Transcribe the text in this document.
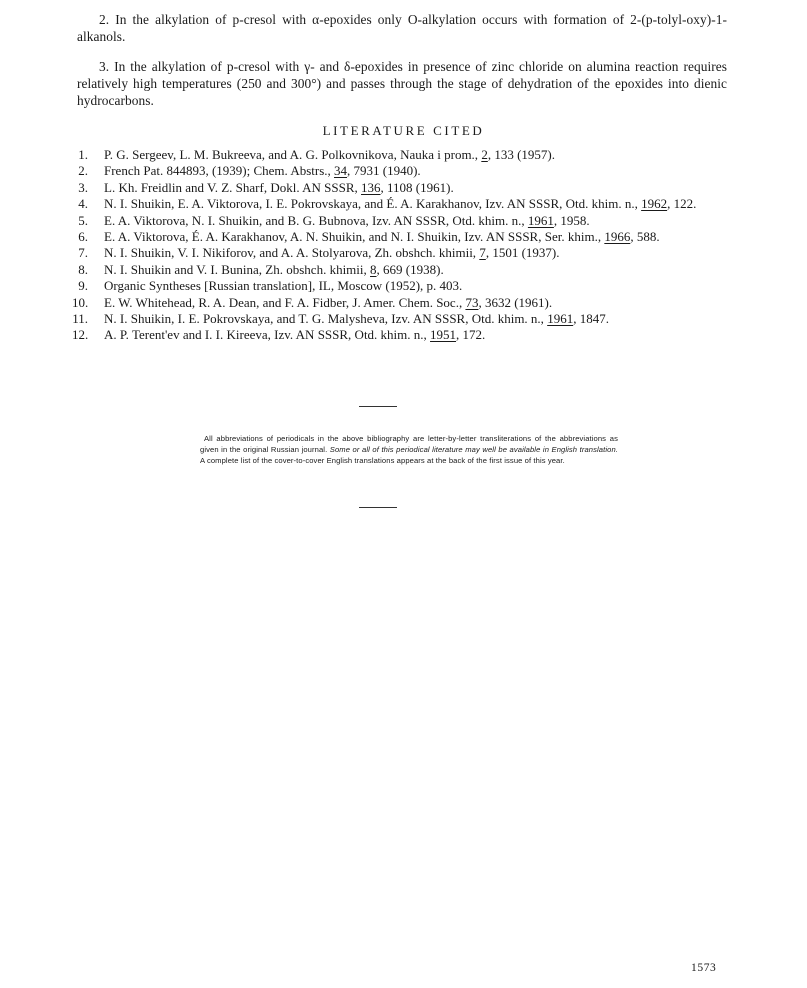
2. In the alkylation of p-cresol with α-epoxides only O-alkylation occurs with formation of 2-(p-tolyl-oxy)-1-alkanols.

3. In the alkylation of p-cresol with γ- and δ-epoxides in presence of zinc chloride on alumina reaction requires relatively high temperatures (250 and 300°) and passes through the stage of dehydration of the epoxides into dienic hydrocarbons.

LITERATURE CITED
1 . P. G. Sergeev, L. M. Bukreeva, and A. G. Polkovnikova, Nauka i prom., 2, 133 (1957).
2 . French Pat. 844893, (1939); Chem. Abstrs., 34, 7931 (1940).
3 . L. Kh. Freidlin and V. Z. Sharf, Dokl. AN SSSR, 136, 1108 (1961).
4 . N. I. Shuikin, E. A. Viktorova, I. E. Pokrovskaya, and É. A. Karakhanov, Izv. AN SSSR, Otd. khim. n., 1962, 122.
5 . E. A. Viktorova, N. I. Shuikin, and B. G. Bubnova, Izv. AN SSSR, Otd. khim. n., 1961, 1958.
6 . E. A. Viktorova, É. A. Karakhanov, A. N. Shuikin, and N. I. Shuikin, Izv. AN SSSR, Ser. khim., 1966, 588.
7 . N. I. Shuikin, V. I. Nikiforov, and A. A. Stolyarova, Zh. obshch. khimii, 7, 1501 (1937).
8 . N. I. Shuikin and V. I. Bunina, Zh. obshch. khimii, 8, 669 (1938).
9 . Organic Syntheses [Russian translation], IL, Moscow (1952), p. 403.
10 . E. W. Whitehead, R. A. Dean, and F. A. Fidber, J. Amer. Chem. Soc., 73, 3632 (1961).
11 . N. I. Shuikin, I. E. Pokrovskaya, and T. G. Malysheva, Izv. AN SSSR, Otd. khim. n., 1961, 1847.
12 . A. P. Terent'ev and I. I. Kireeva, Izv. AN SSSR, Otd. khim. n., 1951, 172.

All abbreviations of periodicals in the above bibliography are letter-by-letter transliterations of the abbreviations as given in the original Russian journal. Some or all of this periodical literature may well be available in English translation. A complete list of the cover-to-cover English translations appears at the back of the first issue of this year.

1573
